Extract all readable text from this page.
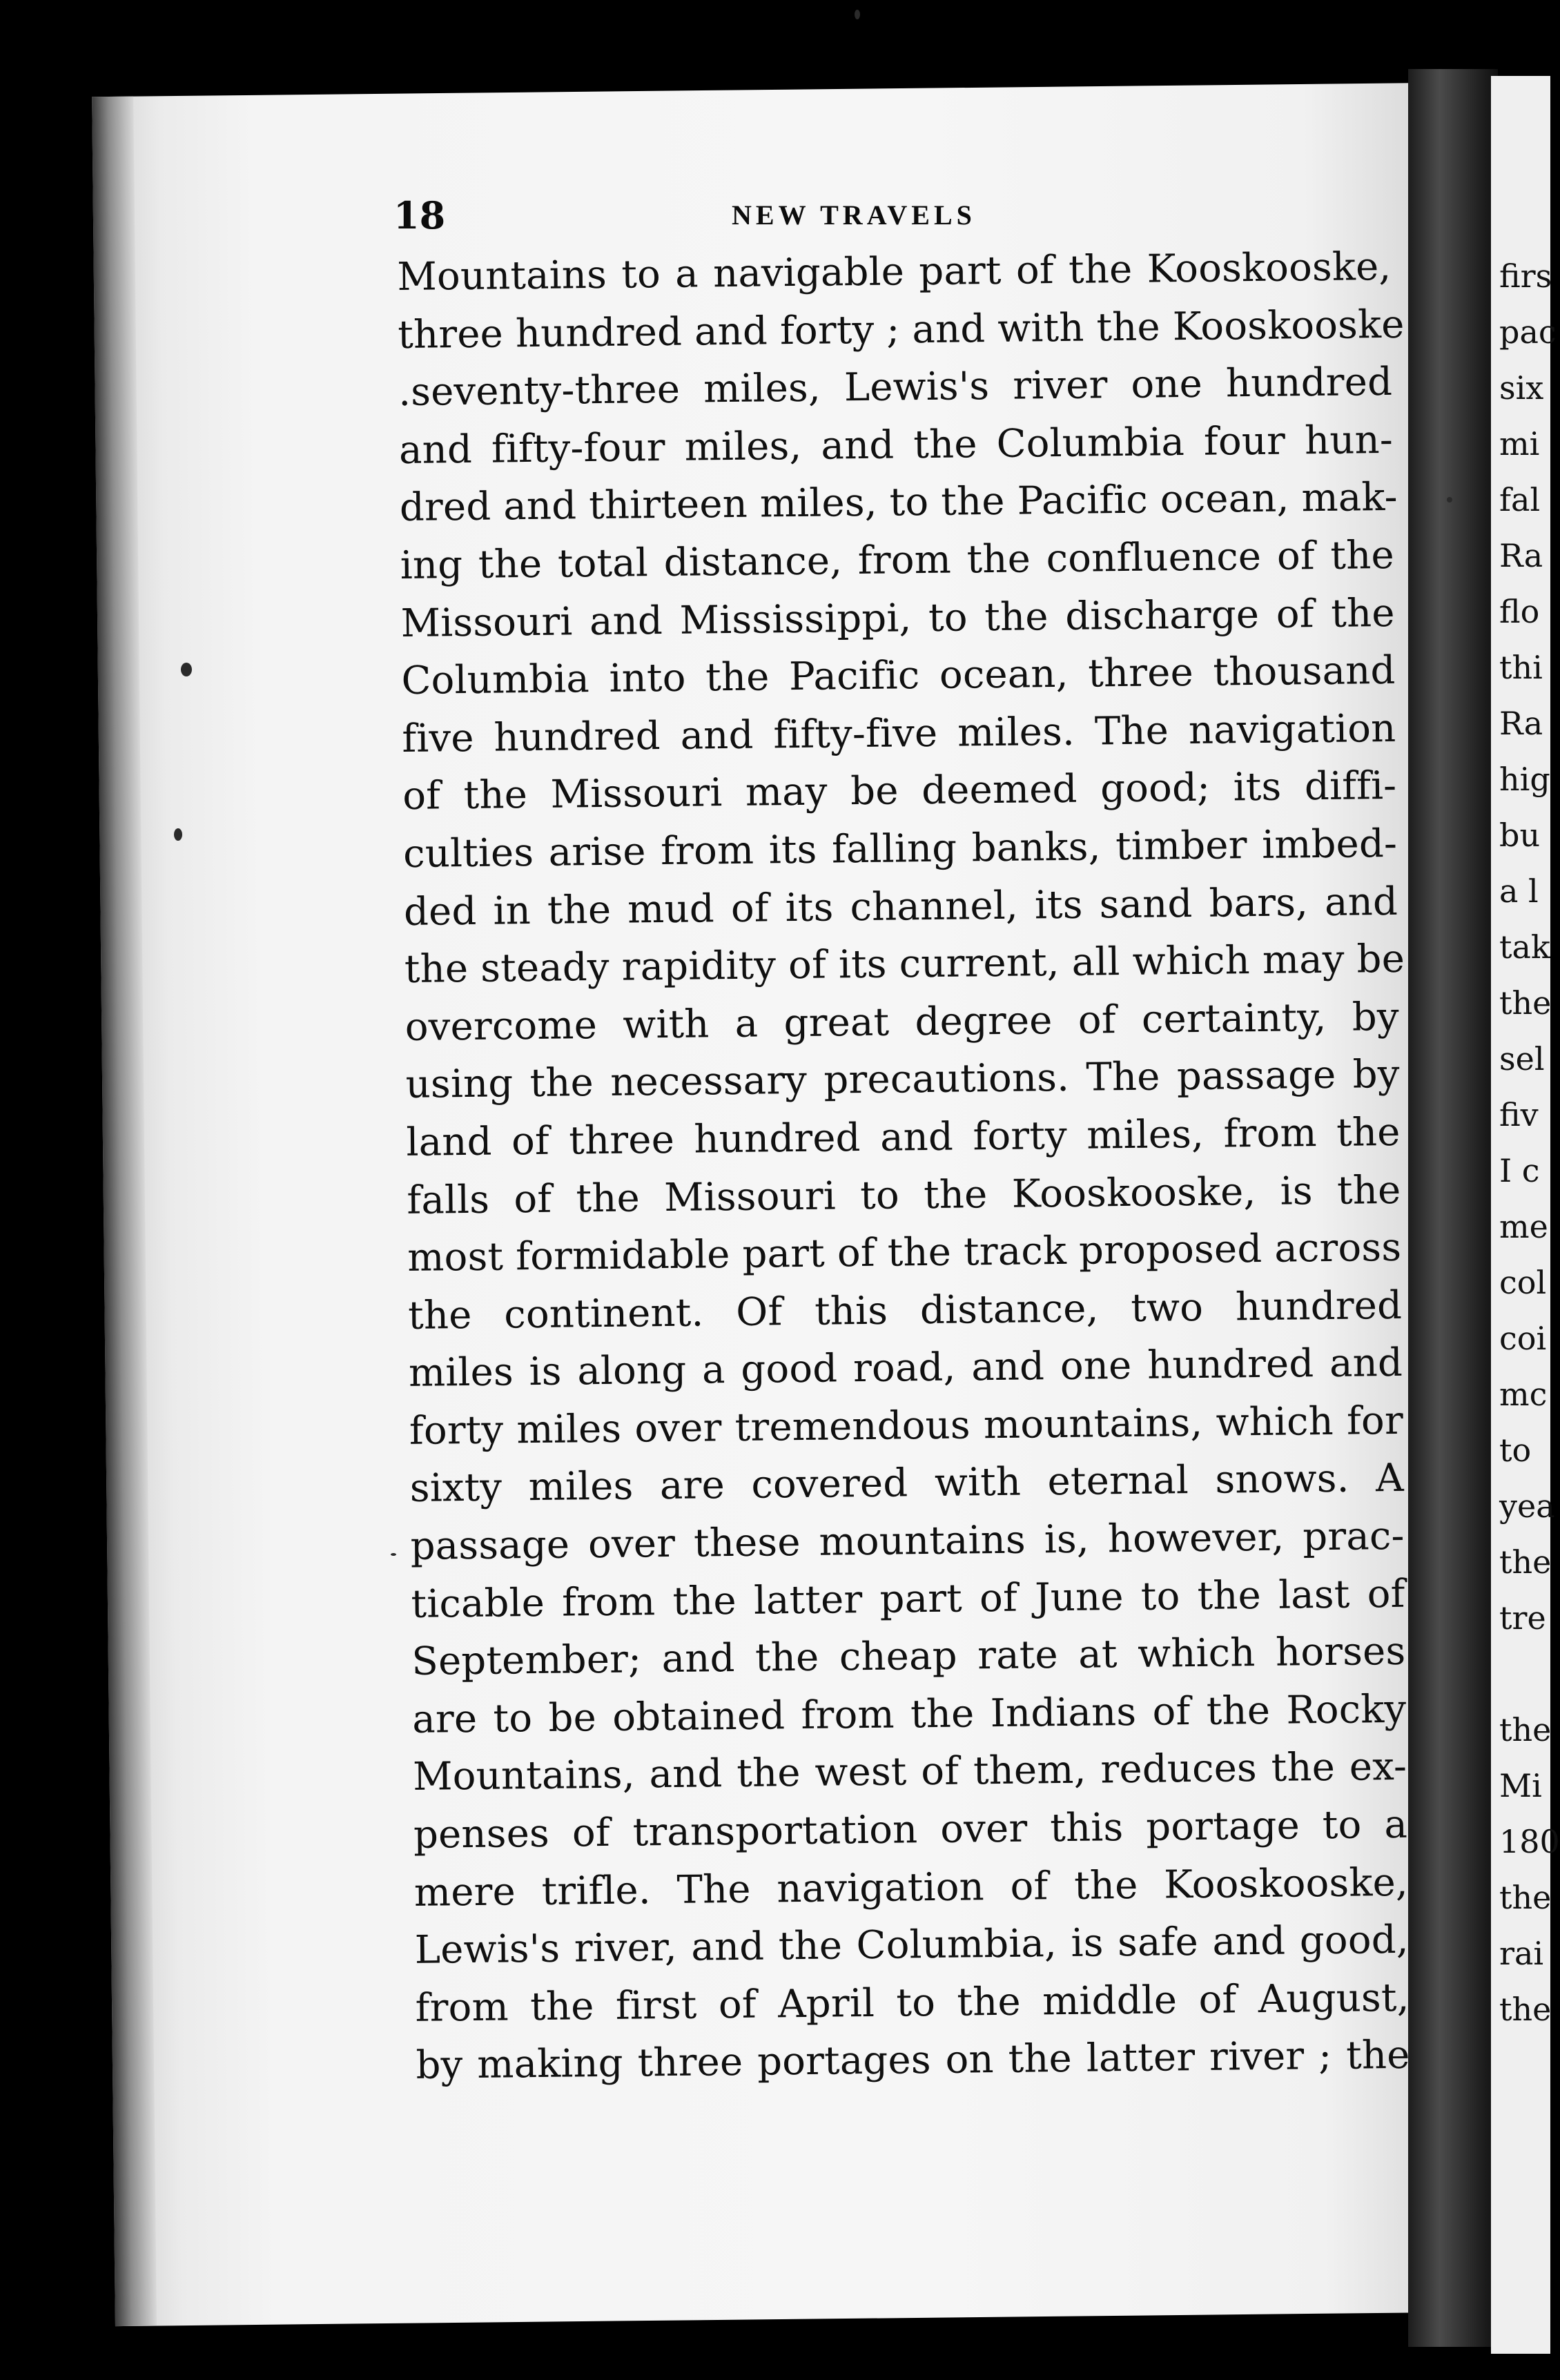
firs
pac
six
mi
fal
Ra
flo
thi
Ra
hig
bu
a l
tak
the
sel
fiv
I c
me
col
coi
mc
to
yea
the
tre
the
Mi
180
the
rai
the
18	NEW TRAVELS
Mountains to a navigable part of the Kooskooske,
three hundred and forty ; and with the Kooskooske
.seventy-three miles, Lewis's river one hundred
and fifty-four miles, and the Columbia four hun-
dred and thirteen miles, to the Pacific ocean, mak-
ing the total distance, from the confluence of the
Missouri and Mississippi, to the discharge of the
Columbia into the Pacific ocean, three thousand
five hundred and fifty-five miles. The navigation
of the Missouri may be deemed good; its diffi-
culties arise from its falling banks, timber imbed-
ded in the mud of its channel, its sand bars, and
the steady rapidity of its current, all which may be
overcome with a great degree of certainty, by
using the necessary precautions. The passage by
land of three hundred and forty miles, from the
falls of the Missouri to the Kooskooske, is the
most formidable part of the track proposed across
the continent. Of this distance, two hundred
miles is along a good road, and one hundred and
forty miles over tremendous mountains, which for
sixty miles are covered with eternal snows. A
passage over these mountains is, however, prac-
ticable from the latter part of June to the last of
September; and the cheap rate at which horses
are to be obtained from the Indians of the Rocky
Mountains, and the west of them, reduces the ex-
penses of transportation over this portage to a
mere trifle. The navigation of the Kooskooske,
Lewis's river, and the Columbia, is safe and good,
from the first of April to the middle of August,
by making three portages on the latter river ; the
